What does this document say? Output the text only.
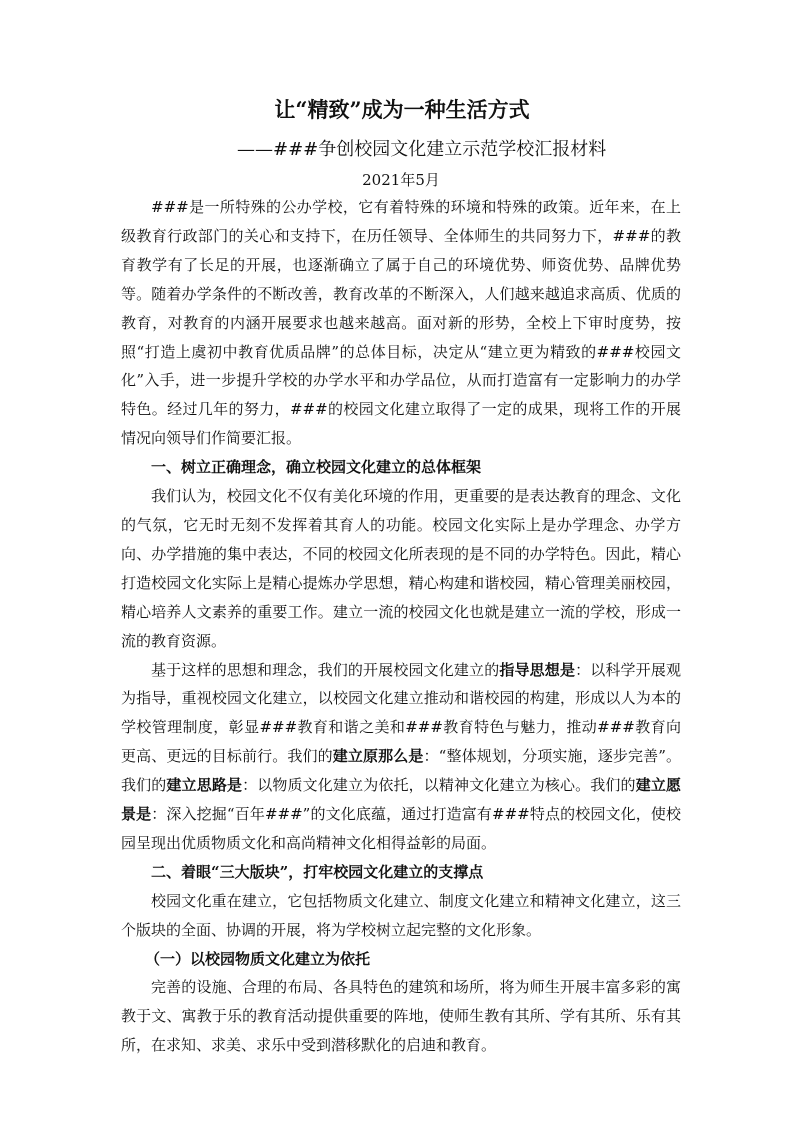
让“精致”成为一种生活方式

——###争创校园文化建立示范学校汇报材料

2021年5月

###是一所特殊的公办学校，它有着特殊的环境和特殊的政策。近年来，在上级教育行政部门的关心和支持下，在历任领导、全体师生的共同努力下，###的教育教学有了长足的开展，也逐渐确立了属于自己的环境优势、师资优势、品牌优势等。随着办学条件的不断改善，教育改革的不断深入，人们越来越追求高质、优质的教育，对教育的内涵开展要求也越来越高。面对新的形势，全校上下审时度势，按照“打造上虞初中教育优质品牌”的总体目标，决定从“建立更为精致的###校园文化”入手，进一步提升学校的办学水平和办学品位，从而打造富有一定影响力的办学特色。经过几年的努力，###的校园文化建立取得了一定的成果，现将工作的开展情况向领导们作简要汇报。

一、树立正确理念，确立校园文化建立的总体框架

我们认为，校园文化不仅有美化环境的作用，更重要的是表达教育的理念、文化的气氛，它无时无刻不发挥着其育人的功能。校园文化实际上是办学理念、办学方向、办学措施的集中表达，不同的校园文化所表现的是不同的办学特色。因此，精心打造校园文化实际上是精心提炼办学思想，精心构建和谐校园，精心管理美丽校园，精心培养人文素养的重要工作。建立一流的校园文化也就是建立一流的学校，形成一流的教育资源。

基于这样的思想和理念，我们的开展校园文化建立的指导思想是：以科学开展观为指导，重视校园文化建立，以校园文化建立推动和谐校园的构建，形成以人为本的学校管理制度，彰显###教育和谐之美和###教育特色与魅力，推动###教育向更高、更远的目标前行。我们的建立原那么是：“整体规划，分项实施，逐步完善”。我们的建立思路是：以物质文化建立为依托，以精神文化建立为核心。我们的建立愿景是：深入挖掘“百年###”的文化底蕴，通过打造富有###特点的校园文化，使校园呈现出优质物质文化和高尚精神文化相得益彰的局面。

二、着眼“三大版块”，打牢校园文化建立的支撑点

校园文化重在建立，它包括物质文化建立、制度文化建立和精神文化建立，这三个版块的全面、协调的开展，将为学校树立起完整的文化形象。

（一）以校园物质文化建立为依托

完善的设施、合理的布局、各具特色的建筑和场所，将为师生开展丰富多彩的寓教于文、寓教于乐的教育活动提供重要的阵地，使师生教有其所、学有其所、乐有其所，在求知、求美、求乐中受到潜移默化的启迪和教育。
